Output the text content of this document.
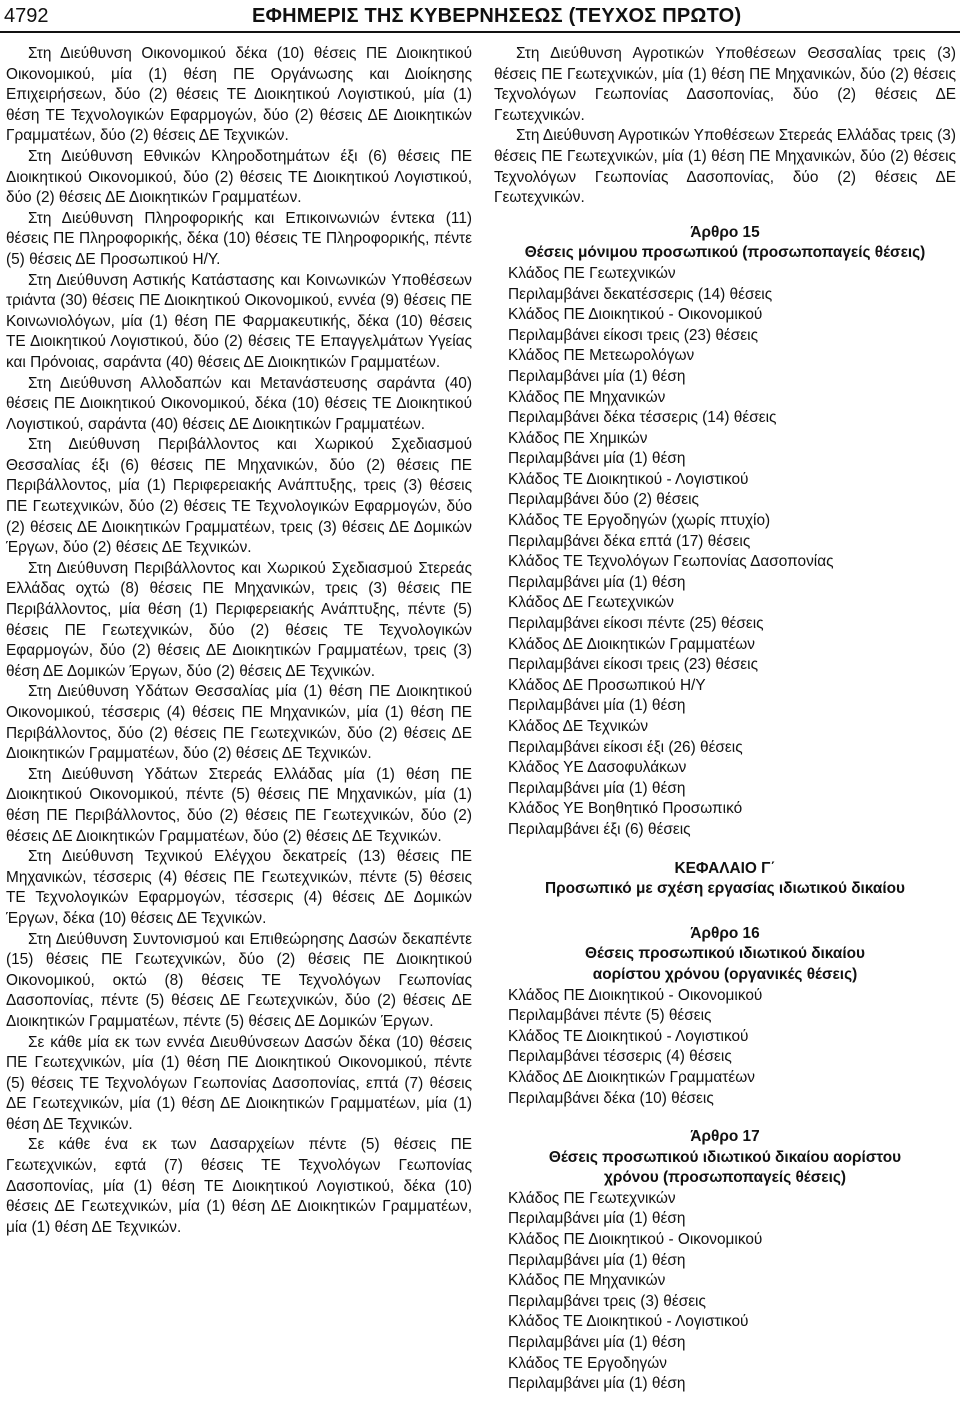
4792	ΕΦΗΜΕΡΙΣ ΤΗΣ ΚΥΒΕΡΝΗΣΕΩΣ (ΤΕΥΧΟΣ ΠΡΩΤΟ)

Στη Διεύθυνση Οικονομικού δέκα (10) θέσεις ΠΕ Διοικητικού Οικονομικού, μία (1) θέση ΠΕ Οργάνωσης και Διοίκησης Επιχειρήσεων, δύο (2) θέσεις ΤΕ Διοικητικού Λογιστικού, μία (1) θέση ΤΕ Τεχνολογικών Εφαρμογών, δύο (2) θέσεις ΔΕ Διοικητικών Γραμματέων, δύο (2) θέσεις ΔΕ Τεχνικών.

Στη Διεύθυνση Εθνικών Κληροδοτημάτων έξι (6) θέσεις ΠΕ Διοικητικού Οικονομικού, δύο (2) θέσεις ΤΕ Διοικητικού Λογιστικού, δύο (2) θέσεις ΔΕ Διοικητικών Γραμματέων.

Στη Διεύθυνση Πληροφορικής και Επικοινωνιών έντεκα (11) θέσεις ΠΕ Πληροφορικής, δέκα (10) θέσεις ΤΕ Πληροφορικής, πέντε (5) θέσεις ΔΕ Προσωπικού Η/Υ.

Στη Διεύθυνση Αστικής Κατάστασης και Κοινωνικών Υποθέσεων τριάντα (30) θέσεις ΠΕ Διοικητικού Οικονομικού, εννέα (9) θέσεις ΠΕ Κοινωνιολόγων, μία (1) θέση ΠΕ Φαρμακευτικής, δέκα (10) θέσεις ΤΕ Διοικητικού Λογιστικού, δύο (2) θέσεις ΤΕ Επαγγελμάτων Υγείας και Πρόνοιας, σαράντα (40) θέσεις ΔΕ Διοικητικών Γραμματέων.

Στη Διεύθυνση Αλλοδαπών και Μετανάστευσης σαράντα (40) θέσεις ΠΕ Διοικητικού Οικονομικού, δέκα (10) θέσεις ΤΕ Διοικητικού Λογιστικού, σαράντα (40) θέσεις ΔΕ Διοικητικών Γραμματέων.

Στη Διεύθυνση Περιβάλλοντος και Χωρικού Σχεδιασμού Θεσσαλίας έξι (6) θέσεις ΠΕ Μηχανικών, δύο (2) θέσεις ΠΕ Περιβάλλοντος, μία (1) Περιφερειακής Ανάπτυξης, τρεις (3) θέσεις ΠΕ Γεωτεχνικών, δύο (2) θέσεις ΤΕ Τεχνολογικών Εφαρμογών, δύο (2) θέσεις ΔΕ Διοικητικών Γραμματέων, τρεις (3) θέσεις ΔΕ Δομικών Έργων, δύο (2) θέσεις ΔΕ Τεχνικών.

Στη Διεύθυνση Περιβάλλοντος και Χωρικού Σχεδιασμού Στερεάς Ελλάδας οχτώ (8) θέσεις ΠΕ Μηχανικών, τρεις (3) θέσεις ΠΕ Περιβάλλοντος, μία θέση (1) Περιφερειακής Ανάπτυξης, πέντε (5) θέσεις ΠΕ Γεωτεχνικών, δύο (2) θέσεις ΤΕ Τεχνολογικών Εφαρμογών, δύο (2) θέσεις ΔΕ Διοικητικών Γραμματέων, τρεις (3) θέση ΔΕ Δομικών Έργων, δύο (2) θέσεις ΔΕ Τεχνικών.

Στη Διεύθυνση Υδάτων Θεσσαλίας μία (1) θέση ΠΕ Διοικητικού Οικονομικού, τέσσερις (4) θέσεις ΠΕ Μηχανικών, μία (1) θέση ΠΕ Περιβάλλοντος, δύο (2) θέσεις ΠΕ Γεωτεχνικών, δύο (2) θέσεις ΔΕ Διοικητικών Γραμματέων, δύο (2) θέσεις ΔΕ Τεχνικών.

Στη Διεύθυνση Υδάτων Στερεάς Ελλάδας μία (1) θέση ΠΕ Διοικητικού Οικονομικού, πέντε (5) θέσεις ΠΕ Μηχανικών, μία (1) θέση ΠΕ Περιβάλλοντος, δύο (2) θέσεις ΠΕ Γεωτεχνικών, δύο (2) θέσεις ΔΕ Διοικητικών Γραμματέων, δύο (2) θέσεις ΔΕ Τεχνικών.

Στη Διεύθυνση Τεχνικού Ελέγχου δεκατρείς (13) θέσεις ΠΕ Μηχανικών, τέσσερις (4) θέσεις ΠΕ Γεωτεχνικών, πέντε (5) θέσεις ΤΕ Τεχνολογικών Εφαρμογών, τέσσερις (4) θέσεις ΔΕ Δομικών Έργων, δέκα (10) θέσεις ΔΕ Τεχνικών.

Στη Διεύθυνση Συντονισμού και Επιθεώρησης Δασών δεκαπέντε (15) θέσεις ΠΕ Γεωτεχνικών, δύο (2) θέσεις ΠΕ Διοικητικού Οικονομικού, οκτώ (8) θέσεις ΤΕ Τεχνολόγων Γεωπονίας Δασοπονίας, πέντε (5) θέσεις ΔΕ Γεωτεχνικών, δύο (2) θέσεις ΔΕ Διοικητικών Γραμματέων, πέντε (5) θέσεις ΔΕ Δομικών Έργων.

Σε κάθε μία εκ των εννέα Διευθύνσεων Δασών δέκα (10) θέσεις ΠΕ Γεωτεχνικών, μία (1) θέση ΠΕ Διοικητικού Οικονομικού, πέντε (5) θέσεις ΤΕ Τεχνολόγων Γεωπονίας Δασοπονίας, επτά (7) θέσεις ΔΕ Γεωτεχνικών, μία (1) θέση ΔΕ Διοικητικών Γραμματέων, μία (1) θέση ΔΕ Τεχνικών.

Σε κάθε ένα εκ των Δασαρχείων πέντε (5) θέσεις ΠΕ Γεωτεχνικών, εφτά (7) θέσεις ΤΕ Τεχνολόγων Γεωπονίας Δασοπονίας, μία (1) θέση ΤΕ Διοικητικού Λογιστικού, δέκα (10) θέσεις ΔΕ Γεωτεχνικών, μία (1) θέση ΔΕ Διοικητικών Γραμματέων, μία (1) θέση ΔΕ Τεχνικών.

Στη Διεύθυνση Αγροτικών Υποθέσεων Θεσσαλίας τρεις (3) θέσεις ΠΕ Γεωτεχνικών, μία (1) θέση ΠΕ Μηχανικών, δύο (2) θέσεις Τεχνολόγων Γεωπονίας Δασοπονίας, δύο (2) θέσεις ΔΕ Γεωτεχνικών.

Στη Διεύθυνση Αγροτικών Υποθέσεων Στερεάς Ελλάδας τρεις (3) θέσεις ΠΕ Γεωτεχνικών, μία (1) θέση ΠΕ Μηχανικών, δύο (2) θέσεις Τεχνολόγων Γεωπονίας Δασοπονίας, δύο (2) θέσεις ΔΕ Γεωτεχνικών.

Άρθρο 15
Θέσεις μόνιμου προσωπικού (προσωποπαγείς θέσεις)
Κλάδος ΠΕ Γεωτεχνικών
Περιλαμβάνει δεκατέσσερις (14) θέσεις
Κλάδος ΠΕ Διοικητικού - Οικονομικού
Περιλαμβάνει είκοσι τρεις (23) θέσεις
Κλάδος ΠΕ Μετεωρολόγων
Περιλαμβάνει μία (1) θέση
Κλάδος ΠΕ Μηχανικών
Περιλαμβάνει δέκα τέσσερις (14) θέσεις
Κλάδος ΠΕ Χημικών
Περιλαμβάνει μία (1) θέση
Κλάδος ΤΕ Διοικητικού - Λογιστικού
Περιλαμβάνει δύο (2) θέσεις
Κλάδος ΤΕ Εργοδηγών (χωρίς πτυχίο)
Περιλαμβάνει δέκα επτά (17) θέσεις
Κλάδος ΤΕ Τεχνολόγων Γεωπονίας Δασοπονίας
Περιλαμβάνει μία (1) θέση
Κλάδος ΔΕ Γεωτεχνικών
Περιλαμβάνει είκοσι πέντε (25) θέσεις
Κλάδος ΔΕ Διοικητικών Γραμματέων
Περιλαμβάνει είκοσι τρεις (23) θέσεις
Κλάδος ΔΕ Προσωπικού Η/Υ
Περιλαμβάνει μία (1) θέση
Κλάδος ΔΕ Τεχνικών
Περιλαμβάνει είκοσι έξι (26) θέσεις
Κλάδος ΥΕ Δασοφυλάκων
Περιλαμβάνει μία (1) θέση
Κλάδος ΥΕ Βοηθητικό Προσωπικό
Περιλαμβάνει έξι (6) θέσεις
ΚΕΦΑΛΑΙΟ Γ΄
Προσωπικό με σχέση εργασίας ιδιωτικού δικαίου
Άρθρο 16
Θέσεις προσωπικού ιδιωτικού δικαίου
αορίστου χρόνου (οργανικές θέσεις)
Κλάδος ΠΕ Διοικητικού - Οικονομικού
Περιλαμβάνει πέντε (5) θέσεις
Κλάδος ΤΕ Διοικητικού - Λογιστικού
Περιλαμβάνει τέσσερις (4) θέσεις
Κλάδος ΔΕ Διοικητικών Γραμματέων
Περιλαμβάνει δέκα (10) θέσεις
Άρθρο 17
Θέσεις προσωπικού ιδιωτικού δικαίου αορίστου
χρόνου (προσωποπαγείς θέσεις)
Κλάδος ΠΕ Γεωτεχνικών
Περιλαμβάνει μία (1) θέση
Κλάδος ΠΕ Διοικητικού - Οικονομικού
Περιλαμβάνει μία (1) θέση
Κλάδος ΠΕ Μηχανικών
Περιλαμβάνει τρεις (3) θέσεις
Κλάδος ΤΕ Διοικητικού - Λογιστικού
Περιλαμβάνει μία (1) θέση
Κλάδος ΤΕ Εργοδηγών
Περιλαμβάνει μία (1) θέση
